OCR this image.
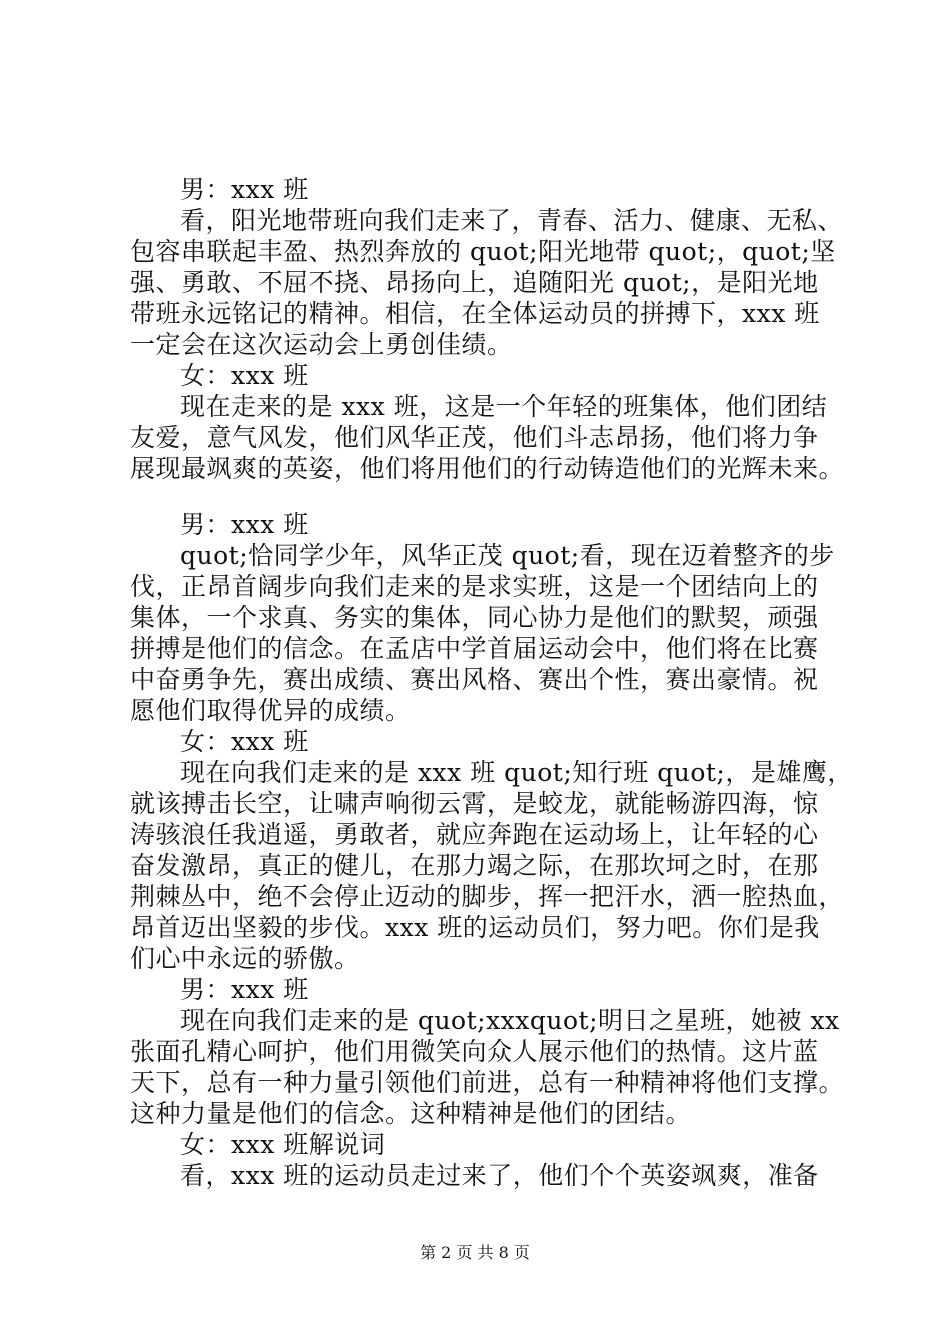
男：xxx 班
看，阳光地带班向我们走来了，青春、活力、健康、无私、
包容串联起丰盈、热烈奔放的 quot;阳光地带 quot;，quot;坚
强、勇敢、不屈不挠、昂扬向上，追随阳光 quot;，是阳光地
带班永远铭记的精神。相信，在全体运动员的拼搏下，xxx 班
一定会在这次运动会上勇创佳绩。
女：xxx 班
现在走来的是 xxx 班，这是一个年轻的班集体，他们团结
友爱，意气风发，他们风华正茂，他们斗志昂扬，他们将力争
展现最飒爽的英姿，他们将用他们的行动铸造他们的光辉未来。
男：xxx 班
quot;恰同学少年，风华正茂 quot;看，现在迈着整齐的步
伐，正昂首阔步向我们走来的是求实班，这是一个团结向上的
集体，一个求真、务实的集体，同心协力是他们的默契，顽强
拼搏是他们的信念。在孟店中学首届运动会中，他们将在比赛
中奋勇争先，赛出成绩、赛出风格、赛出个性，赛出豪情。祝
愿他们取得优异的成绩。
女：xxx 班
现在向我们走来的是 xxx 班 quot;知行班 quot;，是雄鹰，
就该搏击长空，让啸声响彻云霄，是蛟龙，就能畅游四海，惊
涛骇浪任我逍遥，勇敢者，就应奔跑在运动场上，让年轻的心
奋发激昂，真正的健儿，在那力竭之际，在那坎坷之时，在那
荆棘丛中，绝不会停止迈动的脚步，挥一把汗水，洒一腔热血，
昂首迈出坚毅的步伐。xxx 班的运动员们，努力吧。你们是我
们心中永远的骄傲。
男：xxx 班
现在向我们走来的是 quot;xxxquot;明日之星班，她被 xx
张面孔精心呵护，他们用微笑向众人展示他们的热情。这片蓝
天下，总有一种力量引领他们前进，总有一种精神将他们支撑。
这种力量是他们的信念。这种精神是他们的团结。
女：xxx 班解说词
看，xxx 班的运动员走过来了，他们个个英姿飒爽，准备
第 2 页 共 8 页
